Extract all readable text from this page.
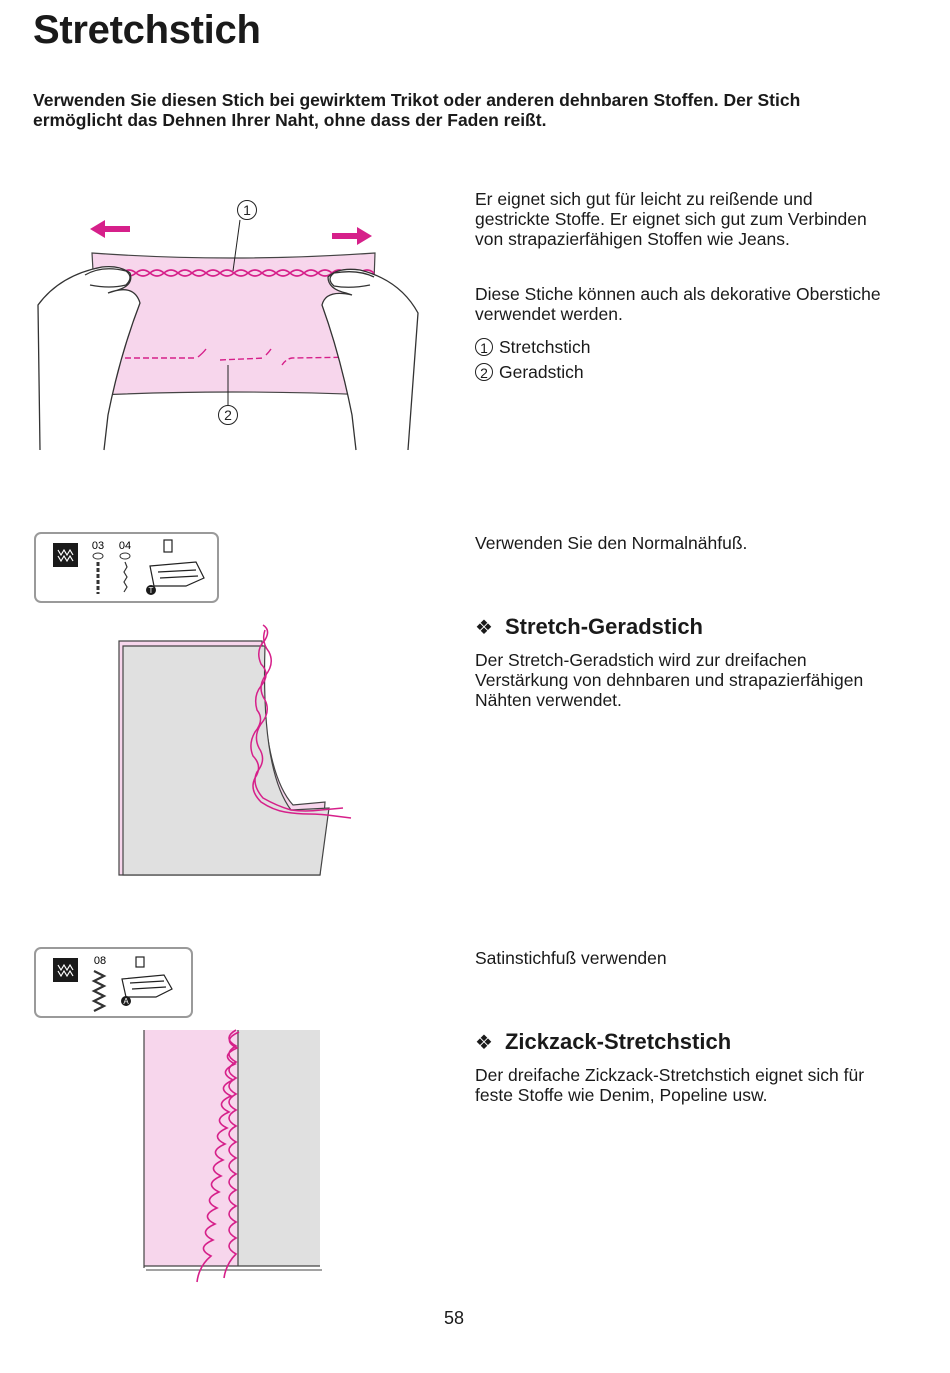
Stretchstich

Verwenden Sie diesen Stich bei gewirktem Trikot oder anderen dehnbaren Stoffen. Der Stich ermöglicht das Dehnen Ihrer Naht, ohne dass der Faden reißt.

1
2

Er eignet sich gut für leicht zu reißende und gestrickte Stoffe. Er eignet sich gut zum Verbinden von strapazierfähigen Stoffen wie Jeans.

Diese Stiche können auch als dekorative Oberstiche verwendet werden.

1 Stretchstich
2 Geradstich
03 04
T

Verwenden Sie den Normalnähfuß.

❖ Stretch-Geradstich

Der Stretch-Geradstich wird zur dreifachen Verstärkung von dehnbaren und strapazierfähigen Nähten verwendet.

08
A

Satinstichfuß verwenden

❖ Zickzack-Stretchstich

Der dreifache Zickzack-Stretchstich eignet sich für feste Stoffe wie Denim, Popeline usw.

58
